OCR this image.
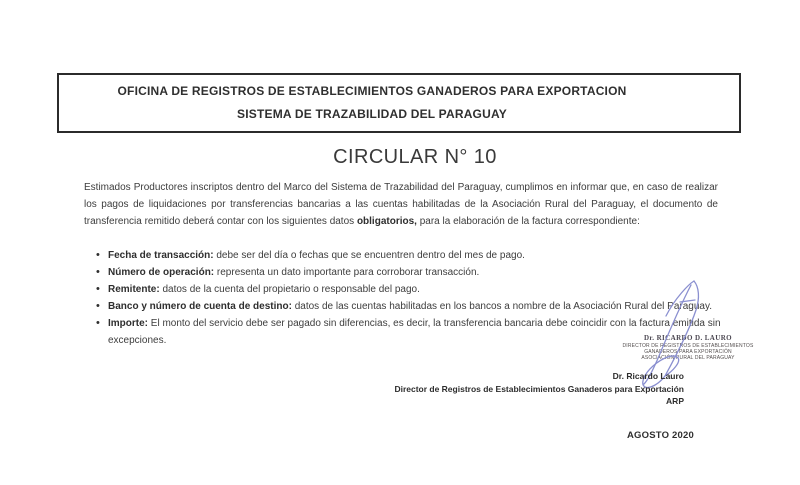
OFICINA DE REGISTROS DE ESTABLECIMIENTOS GANADEROS PARA EXPORTACION
SISTEMA DE TRAZABILIDAD DEL PARAGUAY
CIRCULAR N° 10

Estimados Productores inscriptos dentro del Marco del Sistema de Trazabilidad del Paraguay, cumplimos en informar que, en caso de realizar los pagos de liquidaciones por transferencias bancarias a las cuentas habilitadas de la Asociación Rural del Paraguay, el documento de transferencia remitido deberá contar con los siguientes datos obligatorios, para la elaboración de la factura correspondiente:

• Fecha de transacción: debe ser del día o fechas que se encuentren dentro del mes de pago.
• Número de operación: representa un dato importante para corroborar transacción.
• Remitente: datos de la cuenta del propietario o responsable del pago.
• Banco y número de cuenta de destino: datos de las cuentas habilitadas en los bancos a nombre de la Asociación Rural del Paraguay.
• Importe: El monto del servicio debe ser pagado sin diferencias, es decir, la transferencia bancaria debe coincidir con la factura emitida sin excepciones.	Dr. RICARDO D. LAURO
DIRECTOR DE REGISTROS DE ESTABLECIMIENTOS
GANADEROS PARA EXPORTACIÓN
ASOCIACIÓN RURAL DEL PARAGUAY
Dr. Ricardo Lauro
Director de Registros de Establecimientos Ganaderos para Exportación
ARP
AGOSTO 2020
